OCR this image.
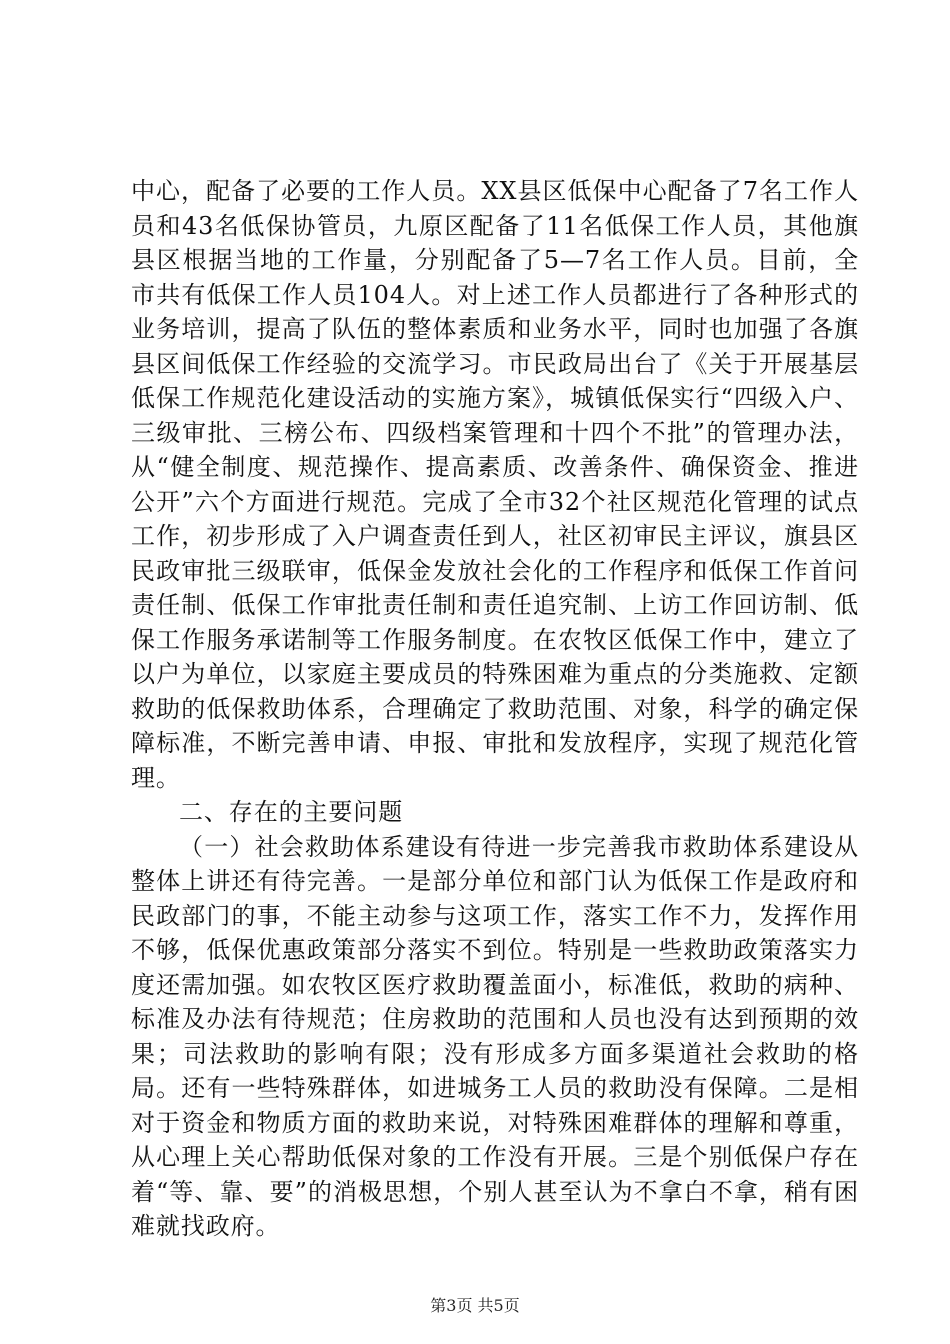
中心，配备了必要的工作人员。XX县区低保中心配备了7名工作人员和43名低保协管员，九原区配备了11名低保工作人员，其他旗县区根据当地的工作量，分别配备了5—7名工作人员。目前，全市共有低保工作人员104人。对上述工作人员都进行了各种形式的业务培训，提高了队伍的整体素质和业务水平，同时也加强了各旗县区间低保工作经验的交流学习。市民政局出台了《关于开展基层低保工作规范化建设活动的实施方案》，城镇低保实行“四级入户、三级审批、三榜公布、四级档案管理和十四个不批”的管理办法，从“健全制度、规范操作、提高素质、改善条件、确保资金、推进公开”六个方面进行规范。完成了全市32个社区规范化管理的试点工作，初步形成了入户调查责任到人，社区初审民主评议，旗县区民政审批三级联审，低保金发放社会化的工作程序和低保工作首问责任制、低保工作审批责任制和责任追究制、上访工作回访制、低保工作服务承诺制等工作服务制度。在农牧区低保工作中，建立了以户为单位，以家庭主要成员的特殊困难为重点的分类施救、定额救助的低保救助体系，合理确定了救助范围、对象，科学的确定保障标准，不断完善申请、申报、审批和发放程序，实现了规范化管理。

二、存在的主要问题

（一）社会救助体系建设有待进一步完善我市救助体系建设从整体上讲还有待完善。一是部分单位和部门认为低保工作是政府和民政部门的事，不能主动参与这项工作，落实工作不力，发挥作用不够，低保优惠政策部分落实不到位。特别是一些救助政策落实力度还需加强。如农牧区医疗救助覆盖面小，标准低，救助的病种、标准及办法有待规范；住房救助的范围和人员也没有达到预期的效果；司法救助的影响有限；没有形成多方面多渠道社会救助的格局。还有一些特殊群体，如进城务工人员的救助没有保障。二是相对于资金和物质方面的救助来说，对特殊困难群体的理解和尊重，从心理上关心帮助低保对象的工作没有开展。三是个别低保户存在着“等、靠、要”的消极思想，个别人甚至认为不拿白不拿，稍有困难就找政府。

第3页 共5页
